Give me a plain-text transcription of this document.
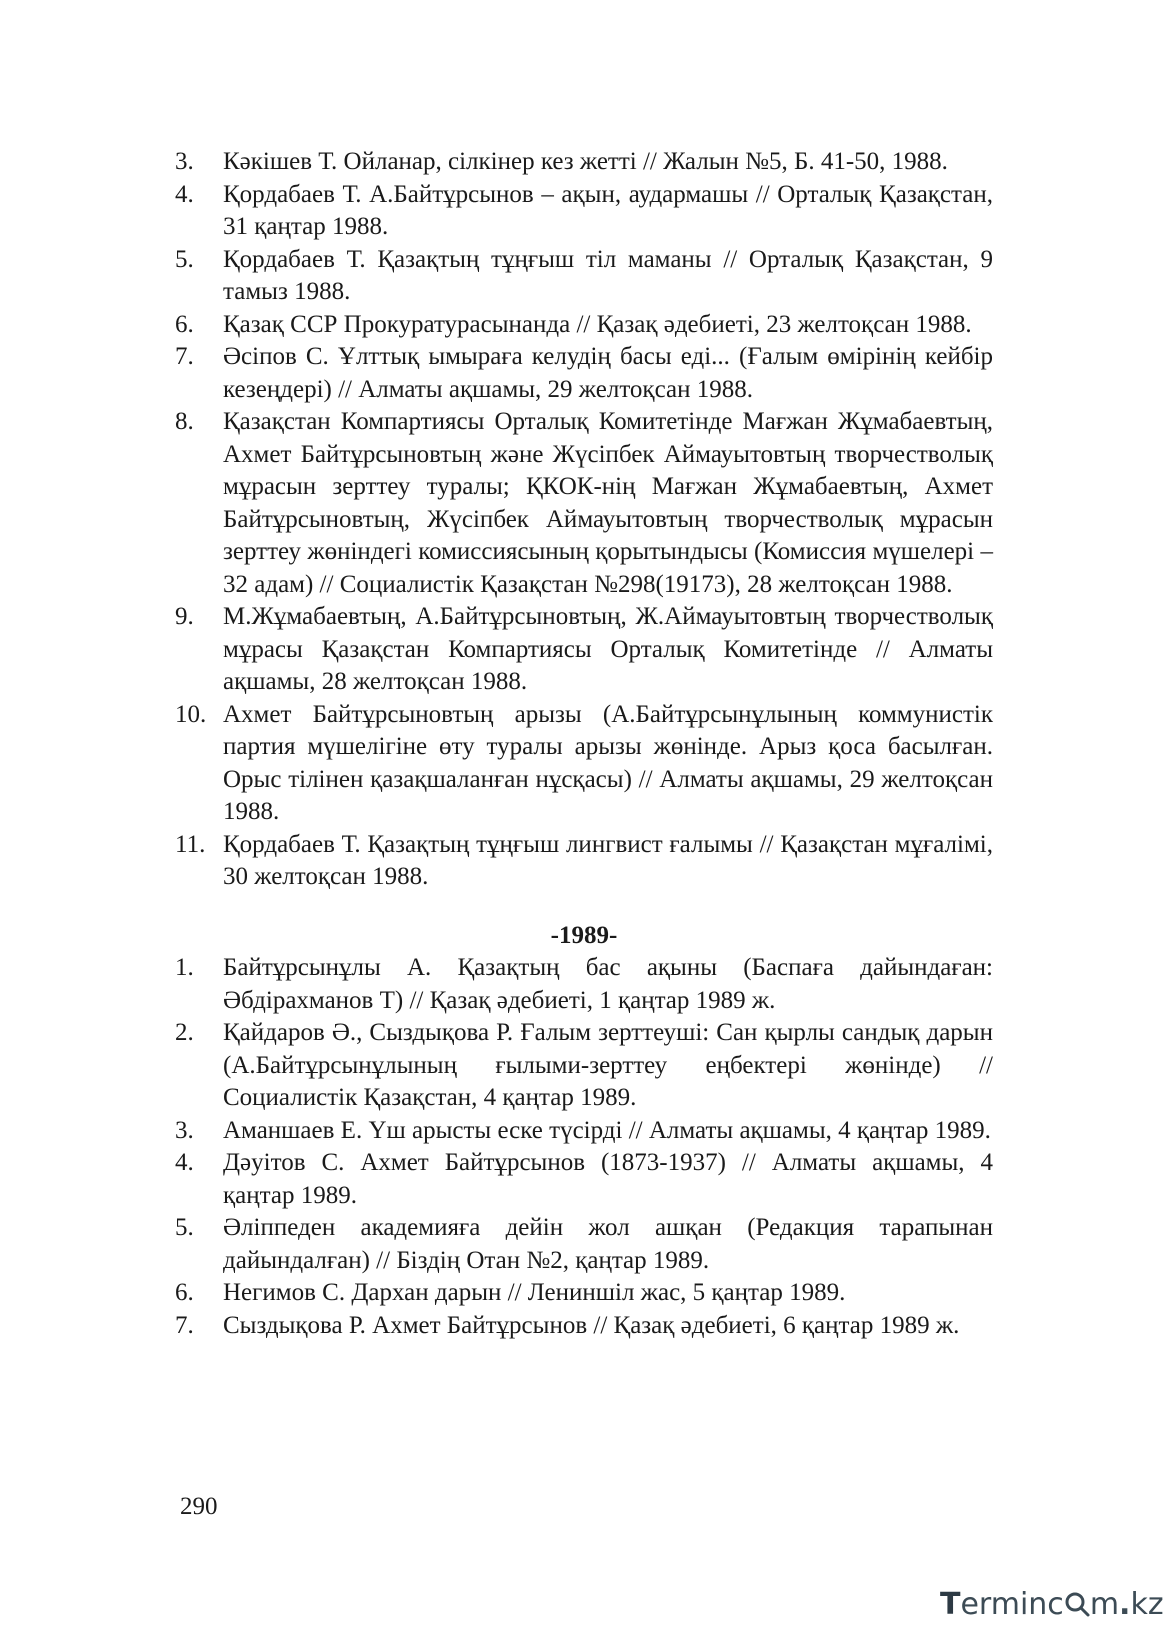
3.	Кәкішев Т. Ойланар, сілкінер кез жетті // Жалын №5, Б. 41-50, 1988.
4.	Қордабаев Т. А.Байтұрсынов – ақын, аудармашы // Орталық Қазақстан, 31 қаңтар 1988.
5.	Қордабаев Т. Қазақтың тұңғыш тіл маманы // Орталық Қазақстан, 9 тамыз 1988.
6.	Қазақ ССР Прокуратурасынанда // Қазақ әдебиеті, 23 желтоқсан 1988.
7.	Әсіпов С. Ұлттық ымыраға келудің басы еді... (Ғалым өмірінің кейбір кезеңдері) // Алматы ақшамы, 29 желтоқсан 1988.
8.	Қазақстан Компартиясы Орталық Комитетінде Мағжан Жұмабаевтың, Ахмет Байтұрсыновтың және Жүсіпбек Аймауытовтың творчестволық мұрасын зерттеу туралы; ҚКОК-нің Мағжан Жұмабаевтың, Ахмет Байтұрсыновтың, Жүсіпбек Аймауытовтың творчестволық мұрасын зерттеу жөніндегі комиссиясының қорытындысы (Комиссия мүшелері – 32 адам) // Социалистік Қазақстан №298(19173), 28 желтоқсан 1988.
9.	М.Жұмабаевтың, А.Байтұрсыновтың, Ж.Аймауытовтың творчестволық мұрасы Қазақстан Компартиясы Орталық Комитетінде // Алматы ақшамы, 28 желтоқсан 1988.
10. Ахмет Байтұрсыновтың арызы (А.Байтұрсынұлының коммунистік партия мүшелігіне өту туралы арызы жөнінде. Арыз қоса басылған. Орыс тілінен қазақшаланған нұсқасы) // Алматы ақшамы, 29 желтоқсан 1988.
11. Қордабаев Т. Қазақтың тұңғыш лингвист ғалымы // Қазақстан мұғалімі, 30 желтоқсан 1988.
-1989-
1.	Байтұрсынұлы А. Қазақтың бас ақыны (Баспаға дайындаған: Әбдірахманов Т) // Қазақ әдебиеті, 1 қаңтар 1989 ж.
2.	Қайдаров Ә., Сыздықова Р. Ғалым зерттеуші: Сан қырлы сандық дарын (А.Байтұрсынұлының ғылыми-зерттеу еңбектері жөнінде) // Социалистік Қазақстан, 4 қаңтар 1989.
3.	Аманшаев Е. Үш арысты еске түсірді // Алматы ақшамы, 4 қаңтар 1989.
4.	Дәуітов С. Ахмет Байтұрсынов (1873-1937) // Алматы ақшамы, 4 қаңтар 1989.
5.	Әліппеден академияға дейін жол ашқан (Редакция тарапынан дайындалған) // Біздің Отан №2, қаңтар 1989.
6.	Негимов С. Дархан дарын // Лениншіл жас, 5 қаңтар 1989.
7.	Сыздықова Р. Ахмет Байтұрсынов // Қазақ әдебиеті, 6 қаңтар 1989 ж.
290
Terminc m.kz
